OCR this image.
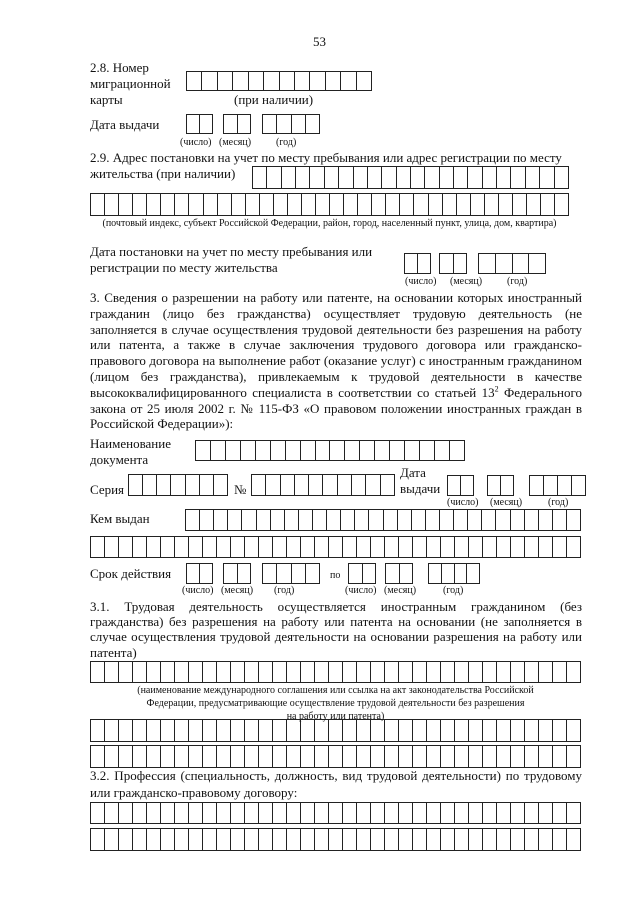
53
2.8. Номер
миграционной
карты	(при наличии)
Дата выдачи
(число) (месяц) (год)
2.9. Адрес постановки на учет по месту пребывания или адрес регистрации по месту
жительства (при наличии)
(почтовый индекс, субъект Российской Федерации, район, город, населенный пункт, улица, дом, квартира)
Дата постановки на учет по месту пребывания или
регистрации по месту жительства
(число) (месяц) (год)
3. Сведения о разрешении на работу или патенте, на основании которых иностранный гражданин (лицо без гражданства) осуществляет трудовую деятельность (не заполняется в случае осуществления трудовой деятельности без разрешения на работу или патента, а также в случае заключения трудового договора или гражданско-правового договора на выполнение работ (оказание услуг) с иностранным гражданином (лицом без гражданства), привлекаемым к трудовой деятельности в качестве высококвалифицированного специалиста в соответствии со статьей $13^2$ Федерального закона от 25 июля 2002 г. № 115-ФЗ «О правовом положении иностранных граждан в Российской Федерации»):
Наименование
документа
Серия	№
Дата
выдачи
(число) (месяц)	(год)
Кем выдан
Срок действия	по
(число) (месяц) (год)	(число) (месяц)	(год)
3.1. Трудовая деятельность осуществляется иностранным гражданином (без гражданства) без разрешения на работу или патента на основании (не заполняется в случае осуществления трудовой деятельности на основании разрешения на работу или патента)
(наименование международного соглашения или ссылка на акт законодательства Российской
Федерации, предусматривающие осуществление трудовой деятельности без разрешения
на работу или патента)
3.2. Профессия (специальность, должность, вид трудовой деятельности) по трудовому или гражданско-правовому договору:
